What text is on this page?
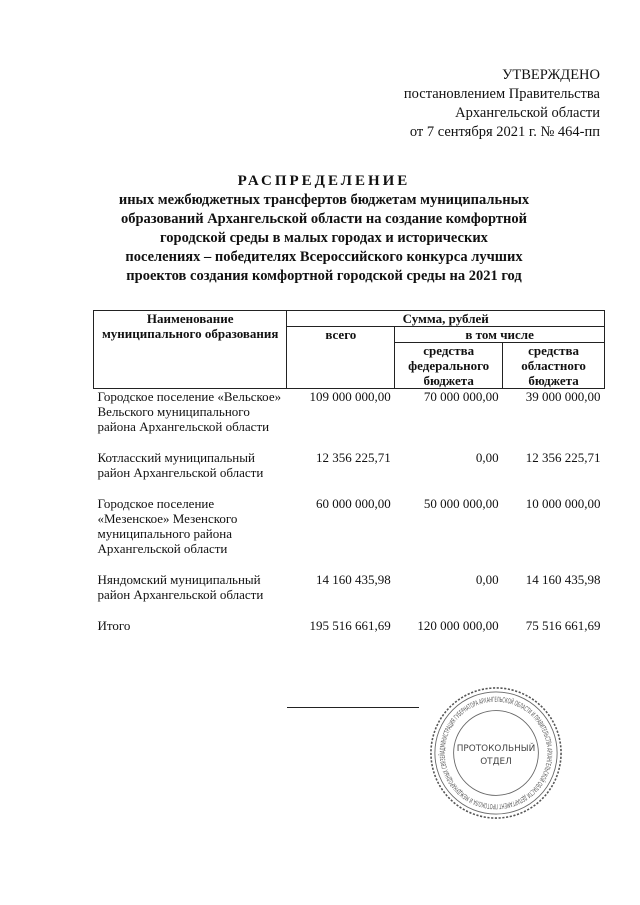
УТВЕРЖДЕНО
постановлением Правительства
Архангельской области
от 7 сентября 2021 г. № 464-пп
РАСПРЕДЕЛЕНИЕ
иных межбюджетных трансфертов бюджетам муниципальных
образований Архангельской области на создание комфортной
городской среды в малых городах и исторических
поселениях – победителях Всероссийского конкурса лучших
проектов создания комфортной городской среды на 2021 год
Наименование муниципального образования	Сумма, рублей		
	всего	в том числе	
		средства федерального бюджета	средства областного бюджета
Городское поселение «Вельское» Вельского муниципального района Архангельской области	109 000 000,00	70 000 000,00	39 000 000,00

Котласский муниципальный район Архангельской области	12 356 225,71	0,00	12 356 225,71

Городское поселение «Мезенское» Мезенского муниципального района Архангельской области	60 000 000,00	50 000 000,00	10 000 000,00

Няндомский муниципальный район Архангельской области	14 160 435,98	0,00	14 160 435,98

Итого	195 516 661,69	120 000 000,00	75 516 661,69
АДМИНИСТРАЦИЯ ГУБЕРНАТОРА АРХАНГЕЛЬСКОЙ ОБЛАСТИ И ПРАВИТЕЛЬСТВА АРХАНГЕЛЬСКОЙ ОБЛАСТИ ДЕПАРТАМЕНТ ПРОТОКОЛА И МЕЖДУНАРОДНЫХ СВЯЗЕЙ	ПРОТОКОЛЬНЫЙ
ОТДЕЛ
